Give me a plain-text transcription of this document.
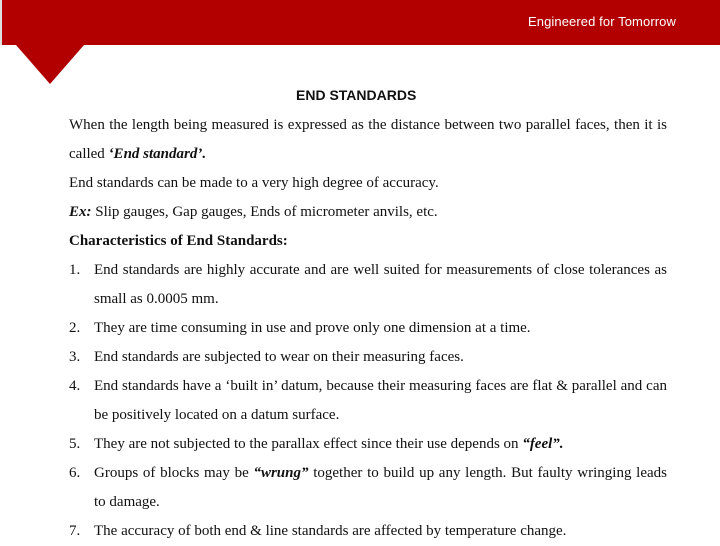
Engineered for Tomorrow
END STANDARDS

When the length being measured is expressed as the distance between two parallel faces, then it is called ‘End standard’.

End standards can be made to a very high degree of accuracy.

Ex: Slip gauges, Gap gauges, Ends of micrometer anvils, etc.

Characteristics of End Standards:

1. End standards are highly accurate and are well suited for measurements of close tolerances as small as 0.0005 mm.
2. They are time consuming in use and prove only one dimension at a time.
3. End standards are subjected to wear on their measuring faces.
4. End standards have a ‘built in’ datum, because their measuring faces are flat & parallel and can be positively located on a datum surface.
5. They are not subjected to the parallax effect since their use depends on “feel”.
6. Groups of blocks may be “wrung” together to build up any length. But faulty wringing leads to damage.
7. The accuracy of both end & line standards are affected by temperature change.
